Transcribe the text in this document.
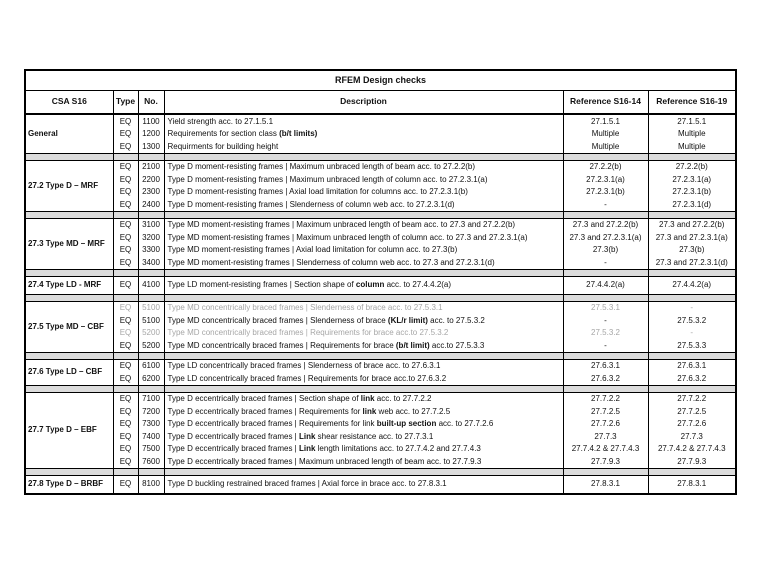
RFEM Design checks					
CSA S16	Type	No.	Description	Reference S16-14	Reference S16-19
General	EQ	1100	Yield strength acc. to 27.1.5.1	27.1.5.1	27.1.5.1
	EQ	1200	Requirements for section class (b/t limits)	Multiple	Multiple
	EQ	1300	Requirments for building height	Multiple	Multiple

27.2 Type D – MRF	EQ	2100	Type D moment-resisting frames | Maximum unbraced length of beam acc. to 27.2.2(b)	27.2.2(b)	27.2.2(b)
	EQ	2200	Type D moment-resisting frames | Maximum unbraced length of column acc. to 27.2.3.1(a)	27.2.3.1(a)	27.2.3.1(a)
	EQ	2300	Type D moment-resisting frames | Axial load limitation for columns acc. to 27.2.3.1(b)	27.2.3.1(b)	27.2.3.1(b)
	EQ	2400	Type D moment-resisting frames | Slenderness of column web acc. to 27.2.3.1(d)	-	27.2.3.1(d)

27.3 Type MD – MRF	EQ	3100	Type MD moment-resisting frames | Maximum unbraced length of beam acc. to 27.3 and 27.2.2(b)	27.3 and 27.2.2(b)	27.3 and 27.2.2(b)
	EQ	3200	Type MD moment-resisting frames | Maximum unbraced length of column acc. to 27.3 and 27.2.3.1(a)	27.3 and 27.2.3.1(a)	27.3 and 27.2.3.1(a)
	EQ	3300	Type MD moment-resisting frames | Axial load limitation for column acc. to 27.3(b)	27.3(b)	27.3(b)
	EQ	3400	Type MD moment-resisting frames | Slenderness of column web acc. to 27.3 and 27.2.3.1(d)	-	27.3 and 27.2.3.1(d)

27.4 Type LD - MRF	EQ	4100	Type LD moment-resisting frames | Section shape of column acc. to 27.4.4.2(a)	27.4.4.2(a)	27.4.4.2(a)

27.5 Type MD – CBF	EQ	5100	Type MD concentrically braced frames | Slenderness of brace acc. to 27.5.3.1	27.5.3.1	-
	EQ	5100	Type MD concentrically braced frames | Slenderness of brace (KL/r limit) acc. to 27.5.3.2	-	27.5.3.2
	EQ	5200	Type MD concentrically braced frames | Requirements for brace acc.to 27.5.3.2	27.5.3.2	-
	EQ	5200	Type MD concentrically braced frames | Requirements for brace (b/t limit) acc.to 27.5.3.3	-	27.5.3.3

27.6 Type LD – CBF	EQ	6100	Type LD concentrically braced frames | Slenderness of brace acc. to 27.6.3.1	27.6.3.1	27.6.3.1
	EQ	6200	Type LD concentrically braced frames | Requirements for brace acc.to 27.6.3.2	27.6.3.2	27.6.3.2

27.7 Type D – EBF	EQ	7100	Type D eccentrically braced frames | Section shape of link acc. to 27.7.2.2	27.7.2.2	27.7.2.2
	EQ	7200	Type D eccentrically braced frames | Requirements for link web acc. to 27.7.2.5	27.7.2.5	27.7.2.5
	EQ	7300	Type D eccentrically braced frames | Requirements for link built-up section acc. to 27.7.2.6	27.7.2.6	27.7.2.6
	EQ	7400	Type D eccentrically braced frames | Link shear resistance acc. to 27.7.3.1	27.7.3	27.7.3
	EQ	7500	Type D eccentrically braced frames | Link length limitations acc. to 27.7.4.2 and 27.7.4.3	27.7.4.2 & 27.7.4.3	27.7.4.2 & 27.7.4.3
	EQ	7600	Type D eccentrically braced frames | Maximum unbraced length of beam acc. to 27.7.9.3	27.7.9.3	27.7.9.3

27.8 Type D – BRBF	EQ	8100	Type D buckling restrained braced frames | Axial force in brace acc. to 27.8.3.1	27.8.3.1	27.8.3.1
